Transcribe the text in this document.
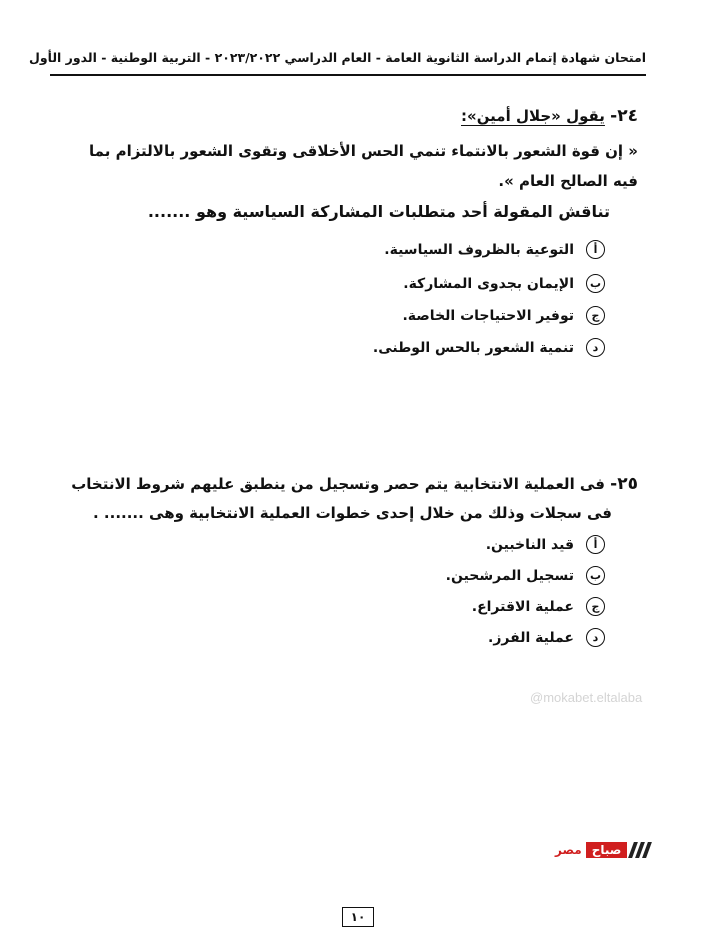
امتحان شهادة إتمام الدراسة الثانوية العامة - العام الدراسي ٢٠٢٣/٢٠٢٢ - التربية الوطنية - الدور الأول
٢٤- يقول «جلال أمين»:
« إن قوة الشعور بالانتماء تنمي الحس الأخلاقى وتقوى الشعور بالالتزام بما
فيه الصالح العام ».
تناقش المقولة أحد متطلبات المشاركة السياسية وهو .......
أ
التوعية بالظروف السياسية.
ب
الإيمان بجدوى المشاركة.
ج
توفير الاحتياجات الخاصة.
د
تنمية الشعور بالحس الوطنى.
٢٥- فى العملية الانتخابية يتم حصر وتسجيل من ينطبق عليهم شروط الانتخاب
فى سجلات وذلك من خلال إحدى خطوات العملية الانتخابية وهى ....... .
أ
قيد الناخبين.
ب
تسجيل المرشحين.
ج
عملية الاقتراع.
د
عملية الفرز.
@mokabet.eltalaba
مصر صباح
١٠
